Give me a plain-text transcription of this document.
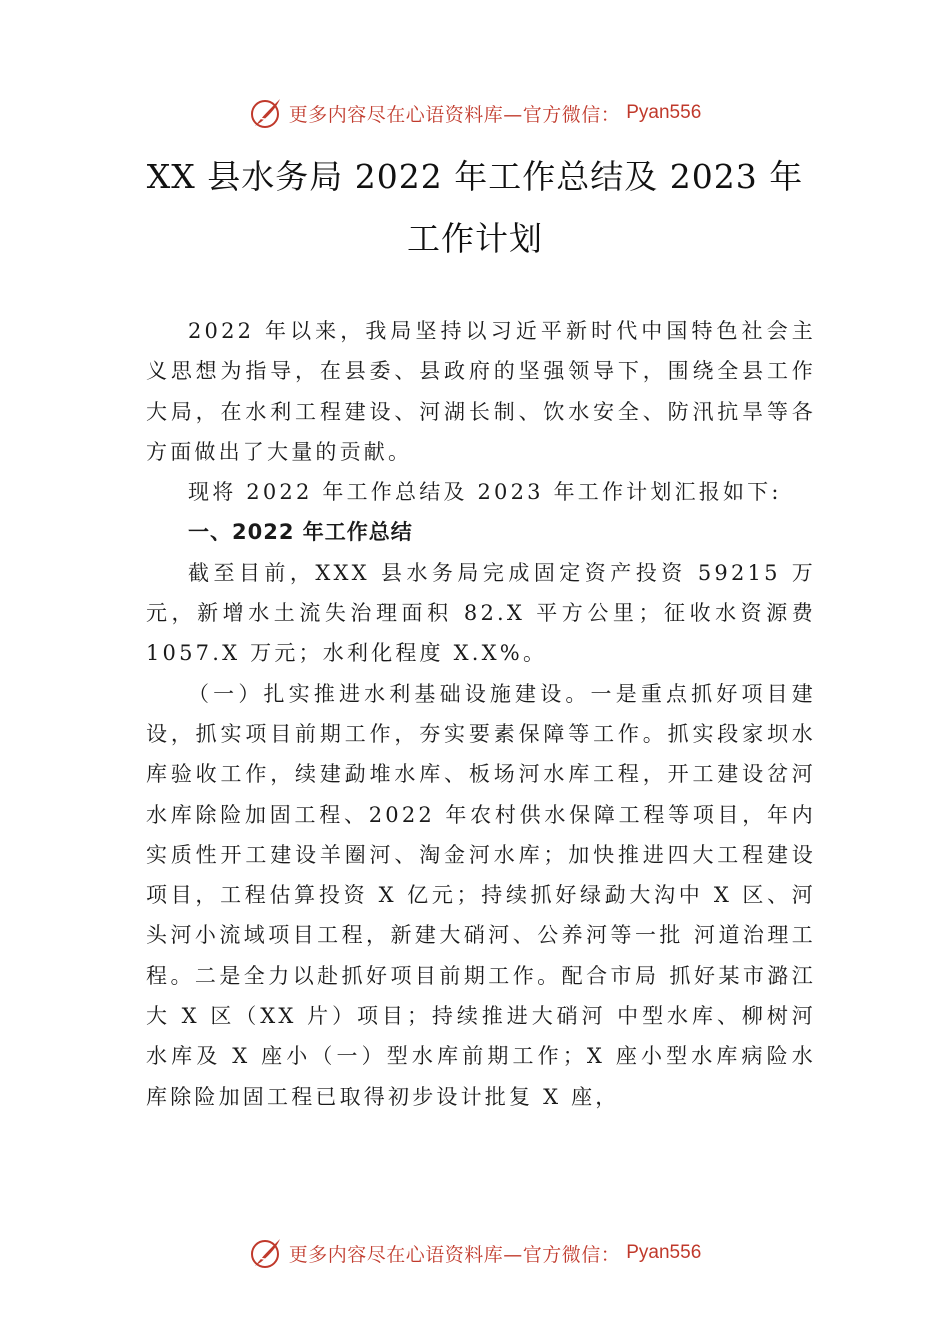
更多内容尽在心语资料库—官方微信： Pyan556
XX 县水务局 2022 年工作总结及 2023 年
工作计划

2022 年以来，我局坚持以习近平新时代中国特色社会主义思想为指导，在县委、县政府的坚强领导下，围绕全县工作大局，在水利工程建设、河湖长制、饮水安全、防汛抗旱等各方面做出了大量的贡献。

现将 2022 年工作总结及 2023 年工作计划汇报如下:

一、2022 年工作总结

截至目前，XXX 县水务局完成固定资产投资 59215 万元，新增水土流失治理面积 82.X 平方公里；征收水资源费 1057.X 万元；水利化程度 X.X%。

（一）扎实推进水利基础设施建设。一是重点抓好项目建设，抓实项目前期工作，夯实要素保障等工作。抓实段家坝水库验收工作，续建勐堆水库、板场河水库工程，开工建设岔河水库除险加固工程、2022 年农村供水保障工程等项目，年内实质性开工建设羊圈河、淘金河水库；加快推进四大工程建设项目，工程估算投资 X 亿元；持续抓好绿勐大沟中 X 区、河头河小流域项目工程，新建大硝河、公养河等一批 河道治理工程。二是全力以赴抓好项目前期工作。配合市局 抓好某市潞江大 X 区（XX 片）项目；持续推进大硝河 中型水库、柳树河水库及 X 座小（一）型水库前期工作；X 座小型水库病险水库除险加固工程已取得初步设计批复 X 座，

更多内容尽在心语资料库—官方微信： Pyan556
